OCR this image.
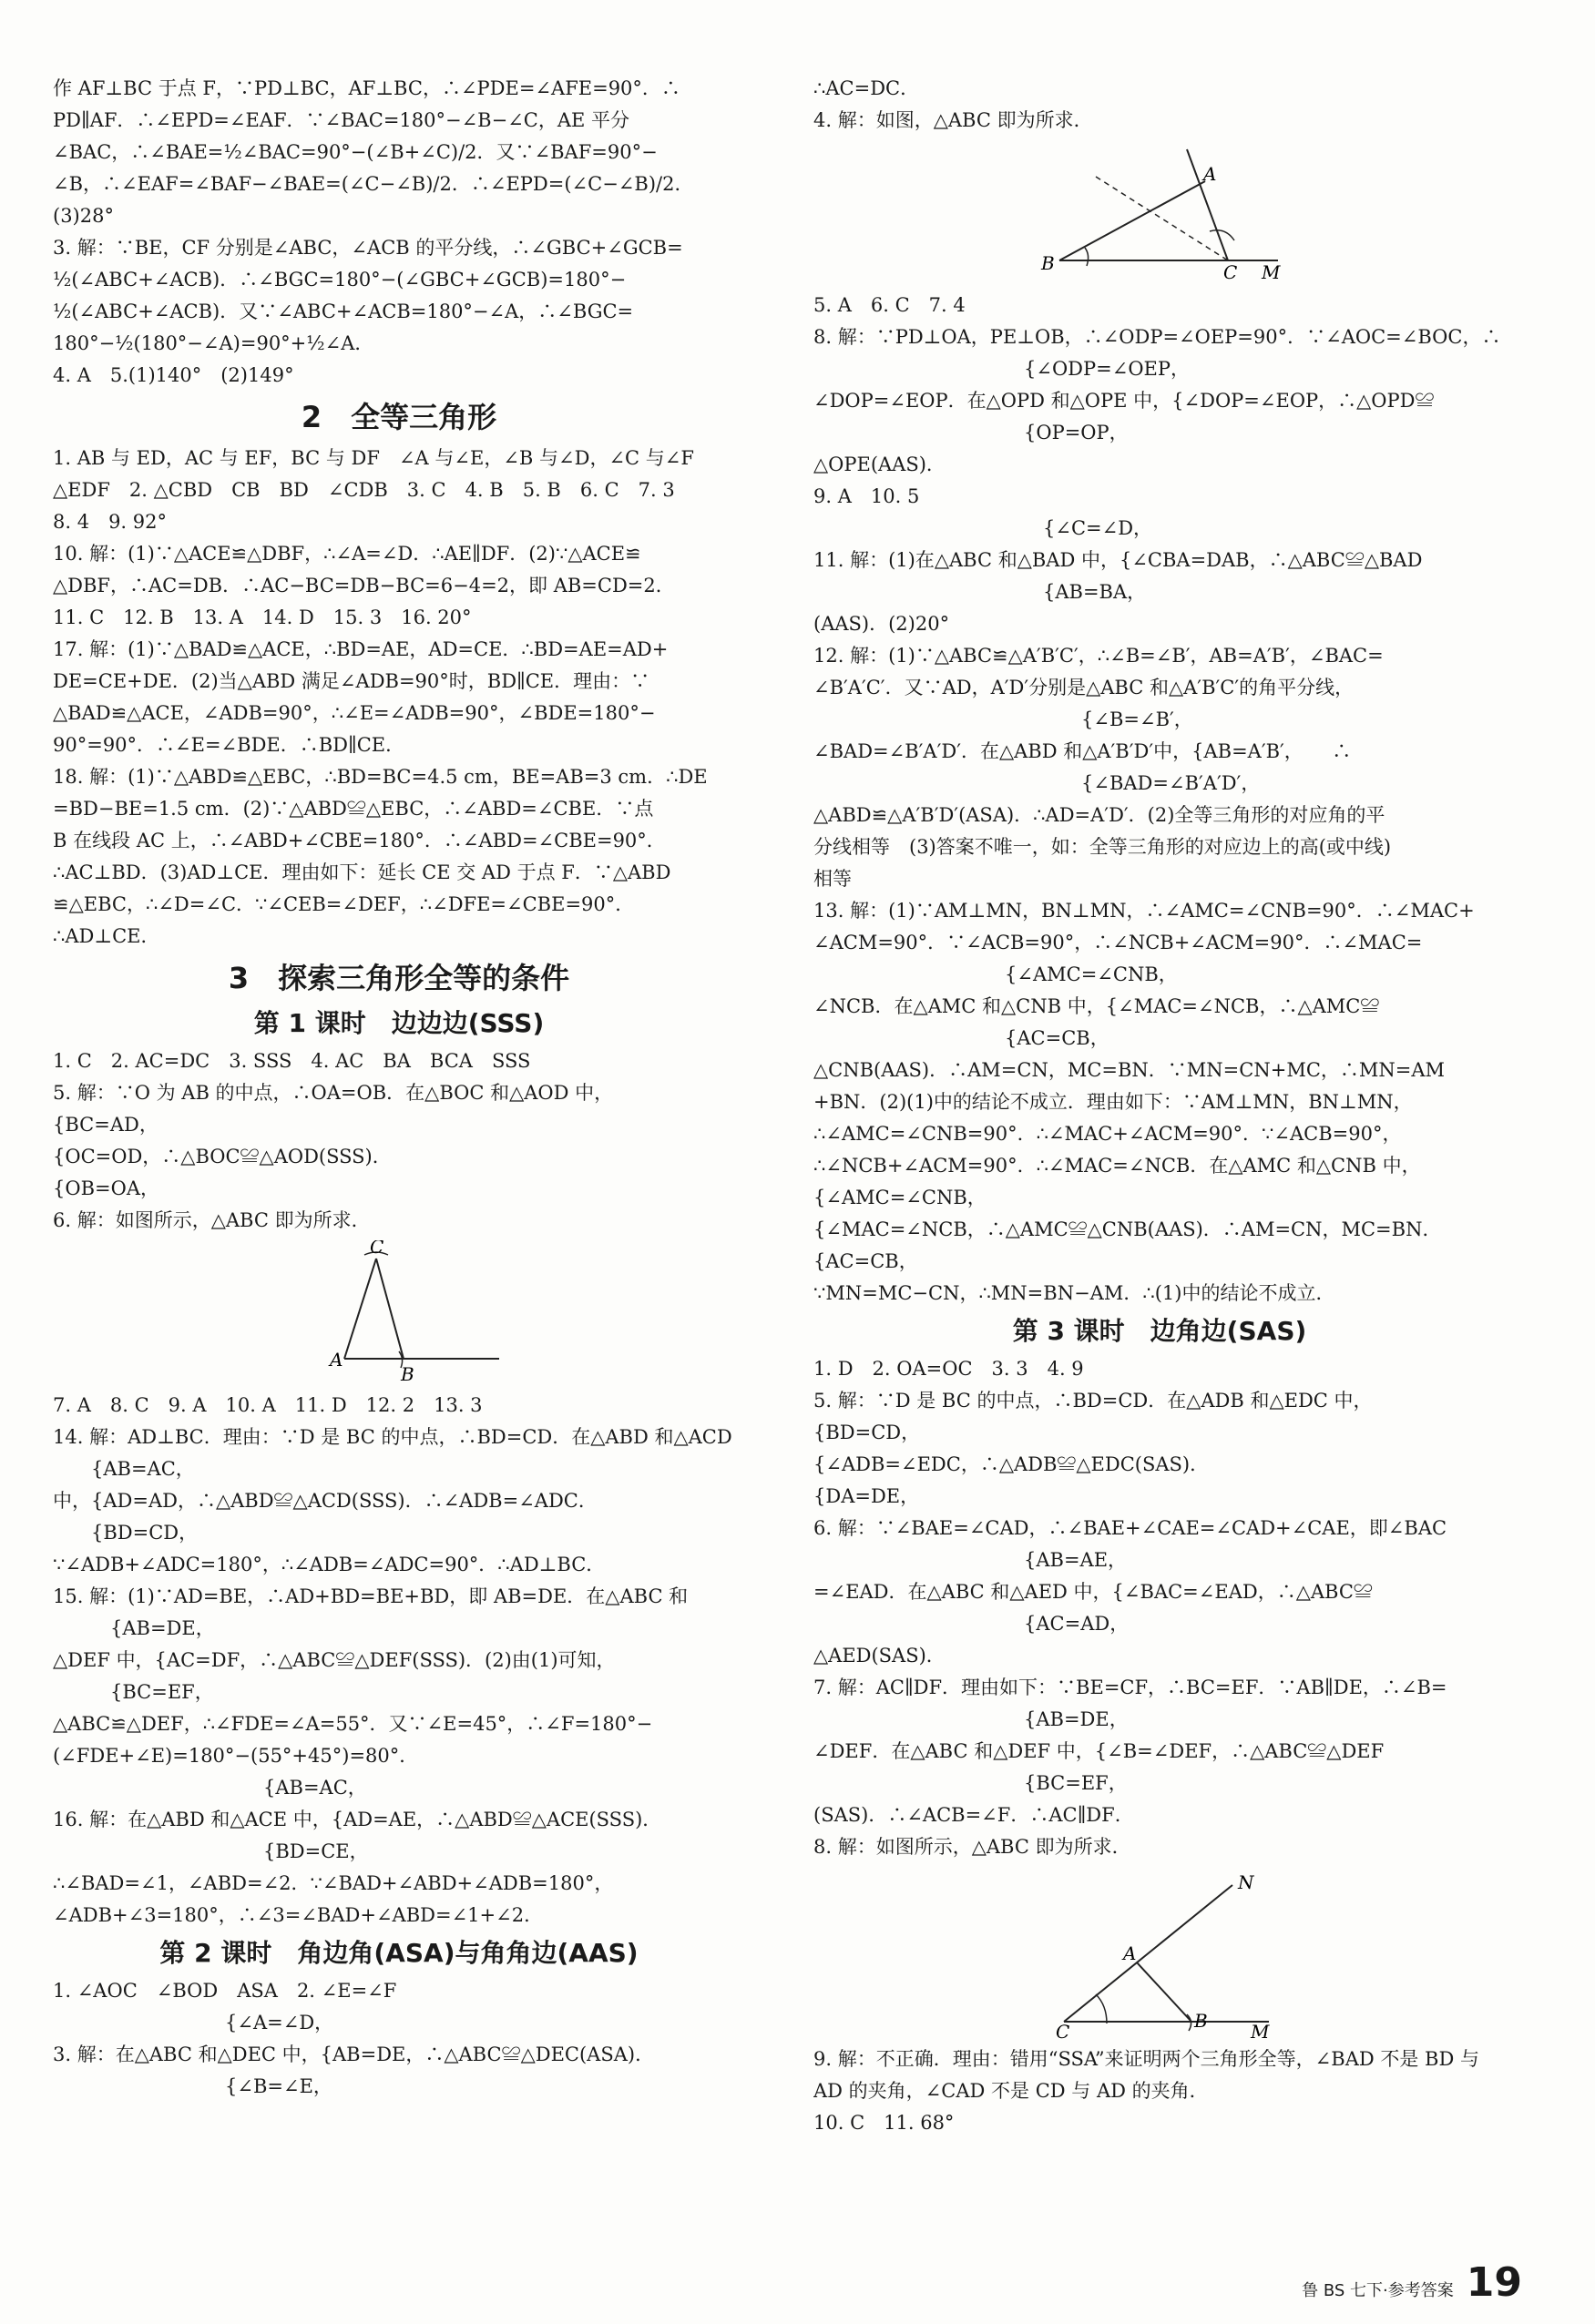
作 AF⊥BC 于点 F，∵PD⊥BC，AF⊥BC，∴∠PDE=∠AFE=90°．∴
PD∥AF．∴∠EPD=∠EAF．∵∠BAC=180°−∠B−∠C，AE 平分
∠BAC，∴∠BAE=½∠BAC=90°−(∠B+∠C)/2．又∵∠BAF=90°−
∠B，∴∠EAF=∠BAF−∠BAE=(∠C−∠B)/2．∴∠EPD=(∠C−∠B)/2．
(3)28°
3. 解：∵BE，CF 分别是∠ABC，∠ACB 的平分线，∴∠GBC+∠GCB=
½(∠ABC+∠ACB)．∴∠BGC=180°−(∠GBC+∠GCB)=180°−
½(∠ABC+∠ACB)．又∵∠ABC+∠ACB=180°−∠A，∴∠BGC=
180°−½(180°−∠A)=90°+½∠A．
4. A　5.(1)140°　(2)149°
2　全等三角形
1. AB 与 ED，AC 与 EF，BC 与 DF　∠A 与∠E，∠B 与∠D，∠C 与∠F
△EDF　2. △CBD　CB　BD　∠CDB　3. C　4. B　5. B　6. C　7. 3
8. 4　9. 92°
10. 解：(1)∵△ACE≌△DBF，∴∠A=∠D．∴AE∥DF．(2)∵△ACE≌
△DBF，∴AC=DB．∴AC−BC=DB−BC=6−4=2，即 AB=CD=2．
11. C　12. B　13. A　14. D　15. 3　16. 20°
17. 解：(1)∵△BAD≌△ACE，∴BD=AE，AD=CE．∴BD=AE=AD+
DE=CE+DE．(2)当△ABD 满足∠ADB=90°时，BD∥CE．理由：∵
△BAD≌△ACE，∠ADB=90°，∴∠E=∠ADB=90°，∠BDE=180°−
90°=90°．∴∠E=∠BDE．∴BD∥CE．
18. 解：(1)∵△ABD≌△EBC，∴BD=BC=4.5 cm，BE=AB=3 cm．∴DE
=BD−BE=1.5 cm．(2)∵△ABD≌△EBC，∴∠ABD=∠CBE．∵点
B 在线段 AC 上，∴∠ABD+∠CBE=180°．∴∠ABD=∠CBE=90°．
∴AC⊥BD．(3)AD⊥CE．理由如下：延长 CE 交 AD 于点 F．∵△ABD
≌△EBC，∴∠D=∠C．∵∠CEB=∠DEF，∴∠DFE=∠CBE=90°．
∴AD⊥CE．
3　探索三角形全等的条件
第 1 课时　边边边(SSS)
1. C　2. AC=DC　3. SSS　4. AC　BA　BCA　SSS
5. 解：∵O 为 AB 的中点，∴OA=OB．在△BOC 和△AOD 中，
{BC=AD，
{OC=OD，∴△BOC≌△AOD(SSS)．
{OB=OA，
6. 解：如图所示，△ABC 即为所求．
C
A
B
7. A　8. C　9. A　10. A　11. D　12. 2　13. 3
14. 解：AD⊥BC．理由：∵D 是 BC 的中点，∴BD=CD．在△ABD 和△ACD
　　{AB=AC，
中，{AD=AD，∴△ABD≌△ACD(SSS)．∴∠ADB=∠ADC．
　　{BD=CD，
∵∠ADB+∠ADC=180°，∴∠ADB=∠ADC=90°．∴AD⊥BC．
15. 解：(1)∵AD=BE，∴AD+BD=BE+BD，即 AB=DE．在△ABC 和
　　　{AB=DE，
△DEF 中，{AC=DF，∴△ABC≌△DEF(SSS)．(2)由(1)可知，
　　　{BC=EF，
△ABC≌△DEF，∴∠FDE=∠A=55°．又∵∠E=45°，∴∠F=180°−
(∠FDE+∠E)=180°−(55°+45°)=80°．
　　　　　　　　　　　{AB=AC，
16. 解：在△ABD 和△ACE 中，{AD=AE，∴△ABD≌△ACE(SSS)．
　　　　　　　　　　　{BD=CE，
∴∠BAD=∠1，∠ABD=∠2．∵∠BAD+∠ABD+∠ADB=180°，
∠ADB+∠3=180°，∴∠3=∠BAD+∠ABD=∠1+∠2．
第 2 课时　角边角(ASA)与角角边(AAS)
1. ∠AOC　∠BOD　ASA　2. ∠E=∠F
　　　　　　　　　{∠A=∠D，
3. 解：在△ABC 和△DEC 中，{AB=DE，∴△ABC≌△DEC(ASA)．
　　　　　　　　　{∠B=∠E，
∴AC=DC．
4. 解：如图，△ABC 即为所求．
A
B	C M
5. A　6. C　7. 4
8. 解：∵PD⊥OA，PE⊥OB，∴∠ODP=∠OEP=90°．∵∠AOC=∠BOC，∴
　　　　　　　　　　　{∠ODP=∠OEP，
∠DOP=∠EOP．在△OPD 和△OPE 中，{∠DOP=∠EOP，∴△OPD≌
　　　　　　　　　　　{OP=OP，
△OPE(AAS)．
9. A　10. 5
　　　　　　　　　　　　{∠C=∠D，
11. 解：(1)在△ABC 和△BAD 中，{∠CBA=DAB，∴△ABC≌△BAD
　　　　　　　　　　　　{AB=BA，
(AAS)．(2)20°
12. 解：(1)∵△ABC≌△A′B′C′，∴∠B=∠B′，AB=A′B′，∠BAC=
∠B′A′C′．又∵AD，A′D′分别是△ABC 和△A′B′C′的角平分线，
　　　　　　　　　　　　　　{∠B=∠B′，
∠BAD=∠B′A′D′．在△ABD 和△A′B′D′中，{AB=A′B′，　　∴
　　　　　　　　　　　　　　{∠BAD=∠B′A′D′，
△ABD≌△A′B′D′(ASA)．∴AD=A′D′．(2)全等三角形的对应角的平
分线相等　(3)答案不唯一，如：全等三角形的对应边上的高(或中线)
相等
13. 解：(1)∵AM⊥MN，BN⊥MN，∴∠AMC=∠CNB=90°．∴∠MAC+
∠ACM=90°．∵∠ACB=90°，∴∠NCB+∠ACM=90°．∴∠MAC=
　　　　　　　　　　{∠AMC=∠CNB，
∠NCB．在△AMC 和△CNB 中，{∠MAC=∠NCB，∴△AMC≌
　　　　　　　　　　{AC=CB，
△CNB(AAS)．∴AM=CN，MC=BN．∵MN=CN+MC，∴MN=AM
+BN．(2)(1)中的结论不成立．理由如下：∵AM⊥MN，BN⊥MN，
∴∠AMC=∠CNB=90°．∴∠MAC+∠ACM=90°．∵∠ACB=90°，
∴∠NCB+∠ACM=90°．∴∠MAC=∠NCB．在△AMC 和△CNB 中，
{∠AMC=∠CNB，
{∠MAC=∠NCB，∴△AMC≌△CNB(AAS)．∴AM=CN，MC=BN．
{AC=CB，
∵MN=MC−CN，∴MN=BN−AM．∴(1)中的结论不成立．
第 3 课时　边角边(SAS)
1. D　2. OA=OC　3. 3　4. 9
5. 解：∵D 是 BC 的中点，∴BD=CD．在△ADB 和△EDC 中，
{BD=CD，
{∠ADB=∠EDC，∴△ADB≌△EDC(SAS)．
{DA=DE，
6. 解：∵∠BAE=∠CAD，∴∠BAE+∠CAE=∠CAD+∠CAE，即∠BAC
　　　　　　　　　　　{AB=AE，
=∠EAD．在△ABC 和△AED 中，{∠BAC=∠EAD，∴△ABC≌
　　　　　　　　　　　{AC=AD，
△AED(SAS)．
7. 解：AC∥DF．理由如下：∵BE=CF，∴BC=EF．∵AB∥DE，∴∠B=
　　　　　　　　　　　{AB=DE，
∠DEF．在△ABC 和△DEF 中，{∠B=∠DEF，∴△ABC≌△DEF
　　　　　　　　　　　{BC=EF，
(SAS)．∴∠ACB=∠F．∴AC∥DF．
8. 解：如图所示，△ABC 即为所求．
N
A
C	B M
9. 解：不正确．理由：错用“SSA”来证明两个三角形全等，∠BAD 不是 BD 与
AD 的夹角，∠CAD 不是 CD 与 AD 的夹角．
10. C　11. 68°
鲁 BS 七下·参考答案 19
